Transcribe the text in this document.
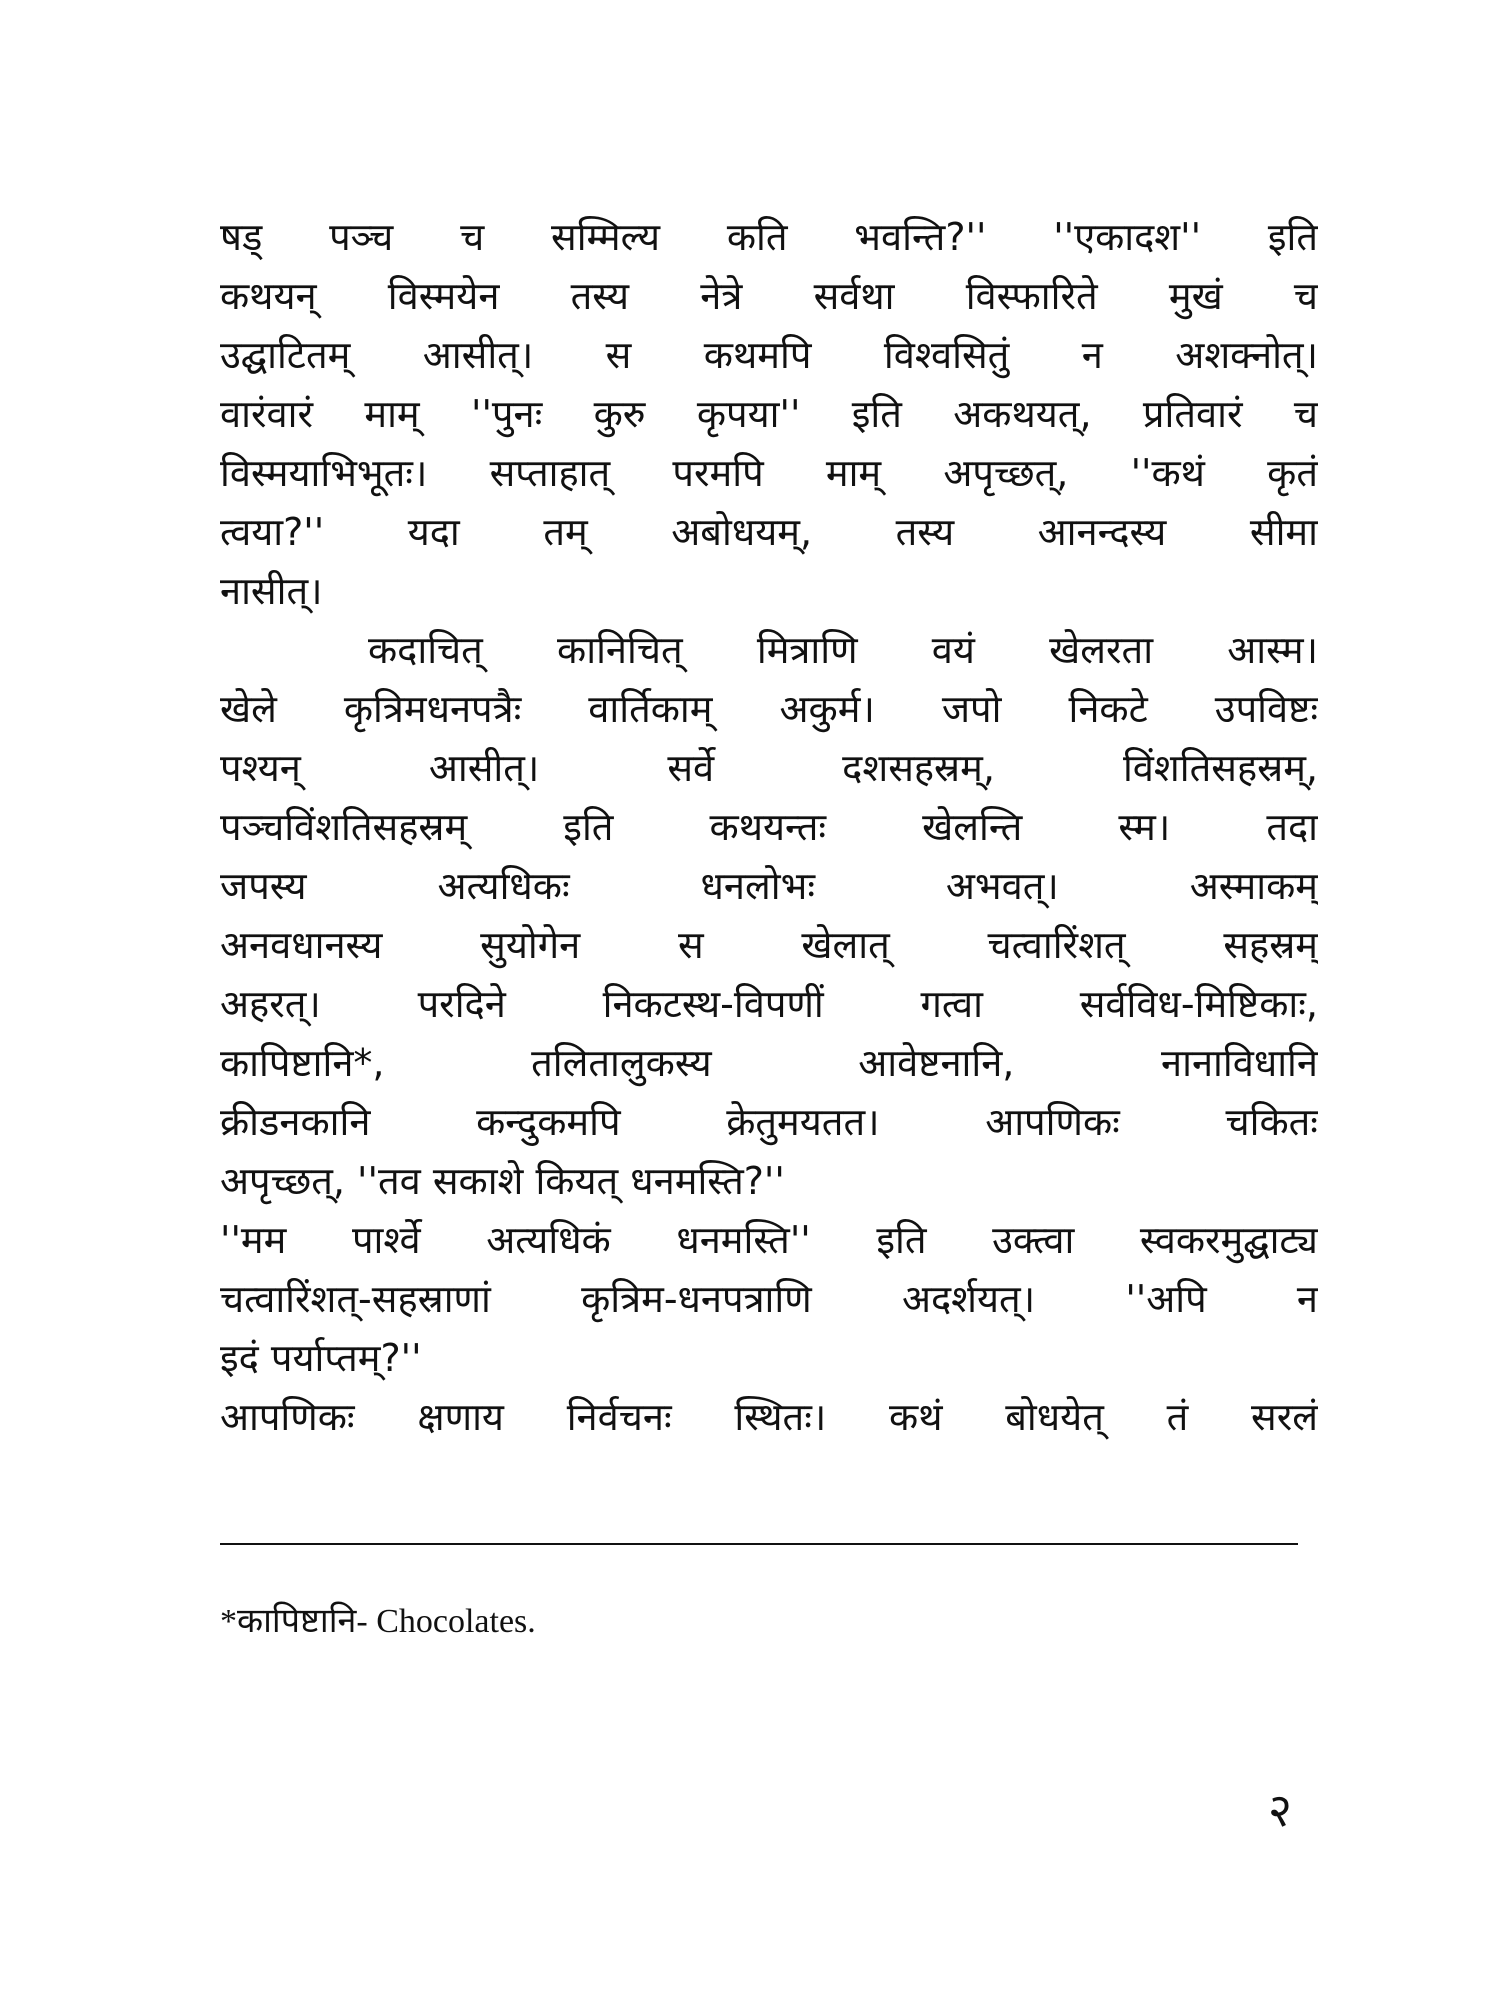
षड् पञ्च च सम्मिल्य कति भवन्ति?'' ''एकादश'' इति
कथयन् विस्मयेन तस्य नेत्रे सर्वथा विस्फारिते मुखं च
उद्घाटितम् आसीत्। स कथमपि विश्वसितुं न अशक्नोत्।
वारंवारं माम् ''पुनः कुरु कृपया'' इति अकथयत्, प्रतिवारं च
विस्मयाभिभूतः। सप्ताहात् परमपि माम् अपृच्छत्, ''कथं कृतं
त्वया?'' यदा तम् अबोधयम्, तस्य आनन्दस्य सीमा
नासीत्।
कदाचित् कानिचित् मित्राणि वयं खेलरता आस्म।
खेले कृत्रिमधनपत्रैः वार्तिकाम् अकुर्म। जपो निकटे उपविष्टः
पश्यन् आसीत्। सर्वे दशसहस्रम्, विंशतिसहस्रम्,
पञ्चविंशतिसहस्रम् इति कथयन्तः खेलन्ति स्म। तदा
जपस्य अत्यधिकः धनलोभः अभवत्। अस्माकम्
अनवधानस्य सुयोगेन स खेलात् चत्वारिंशत् सहस्रम्
अहरत्। परदिने निकटस्थ-विपणीं गत्वा सर्वविध-मिष्टिकाः,
कापिष्टानि*, तलितालुकस्य आवेष्टनानि, नानाविधानि
क्रीडनकानि कन्दुकमपि क्रेतुमयतत। आपणिकः चकितः
अपृच्छत्, ''तव सकाशे कियत् धनमस्ति?''
''मम पार्श्वे अत्यधिकं धनमस्ति'' इति उक्त्वा स्वकरमुद्घाट्य
चत्वारिंशत्-सहस्राणां कृत्रिम-धनपत्राणि अदर्शयत्। ''अपि न
इदं पर्याप्तम्?''
आपणिकः क्षणाय निर्वचनः स्थितः। कथं बोधयेत् तं सरलं
*कापिष्टानि- Chocolates.
२
